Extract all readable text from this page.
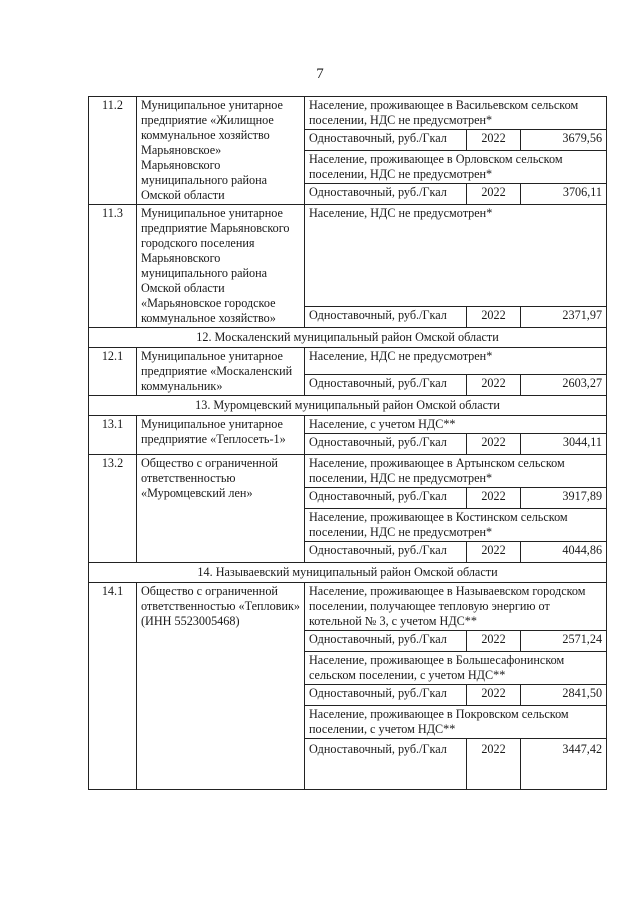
7
11.2	Муниципальное унитарное предприятие «Жилищное коммунальное хозяйство Марьяновское» Марьяновского муниципального района Омской области	Население, проживающее в Васильевском сельском поселении, НДС не предусмотрен*		
		Одноставочный, руб./Гкал	2022	3679,56
		Население, проживающее в Орловском сельском поселении, НДС не предусмотрен*		
		Одноставочный, руб./Гкал	2022	3706,11
11.3	Муниципальное унитарное предприятие Марьяновского городского поселения Марьяновского муниципального района Омской области «Марьяновское городское коммунальное хозяйство»	Население, НДС не предусмотрен*		
		Одноставочный, руб./Гкал	2022	2371,97
12. Москаленский муниципальный район Омской области				
12.1	Муниципальное унитарное предприятие «Москаленский коммунальник»	Население, НДС не предусмотрен*		
		Одноставочный, руб./Гкал	2022	2603,27
13. Муромцевский муниципальный район Омской области				
13.1	Муниципальное унитарное предприятие «Теплосеть-1»	Население, с учетом НДС**		
		Одноставочный, руб./Гкал	2022	3044,11
13.2	Общество с ограниченной ответственностью «Муромцевский лен»	Население, проживающее в Артынском сельском поселении, НДС не предусмотрен*		
		Одноставочный, руб./Гкал	2022	3917,89
		Население, проживающее в Костинском сельском поселении, НДС не предусмотрен*		
		Одноставочный, руб./Гкал	2022	4044,86
14. Называевский муниципальный район Омской области				
14.1	Общество с ограниченной ответственностью «Тепловик» (ИНН 5523005468)	Население, проживающее в Называевском городском поселении, получающее тепловую энергию от котельной № 3, с учетом НДС**		
		Одноставочный, руб./Гкал	2022	2571,24
		Население, проживающее в Большесафонинском сельском поселении, с учетом НДС**		
		Одноставочный, руб./Гкал	2022	2841,50
		Население, проживающее в Покровском сельском поселении, с учетом НДС**		
		Одноставочный, руб./Гкал	2022	3447,42
